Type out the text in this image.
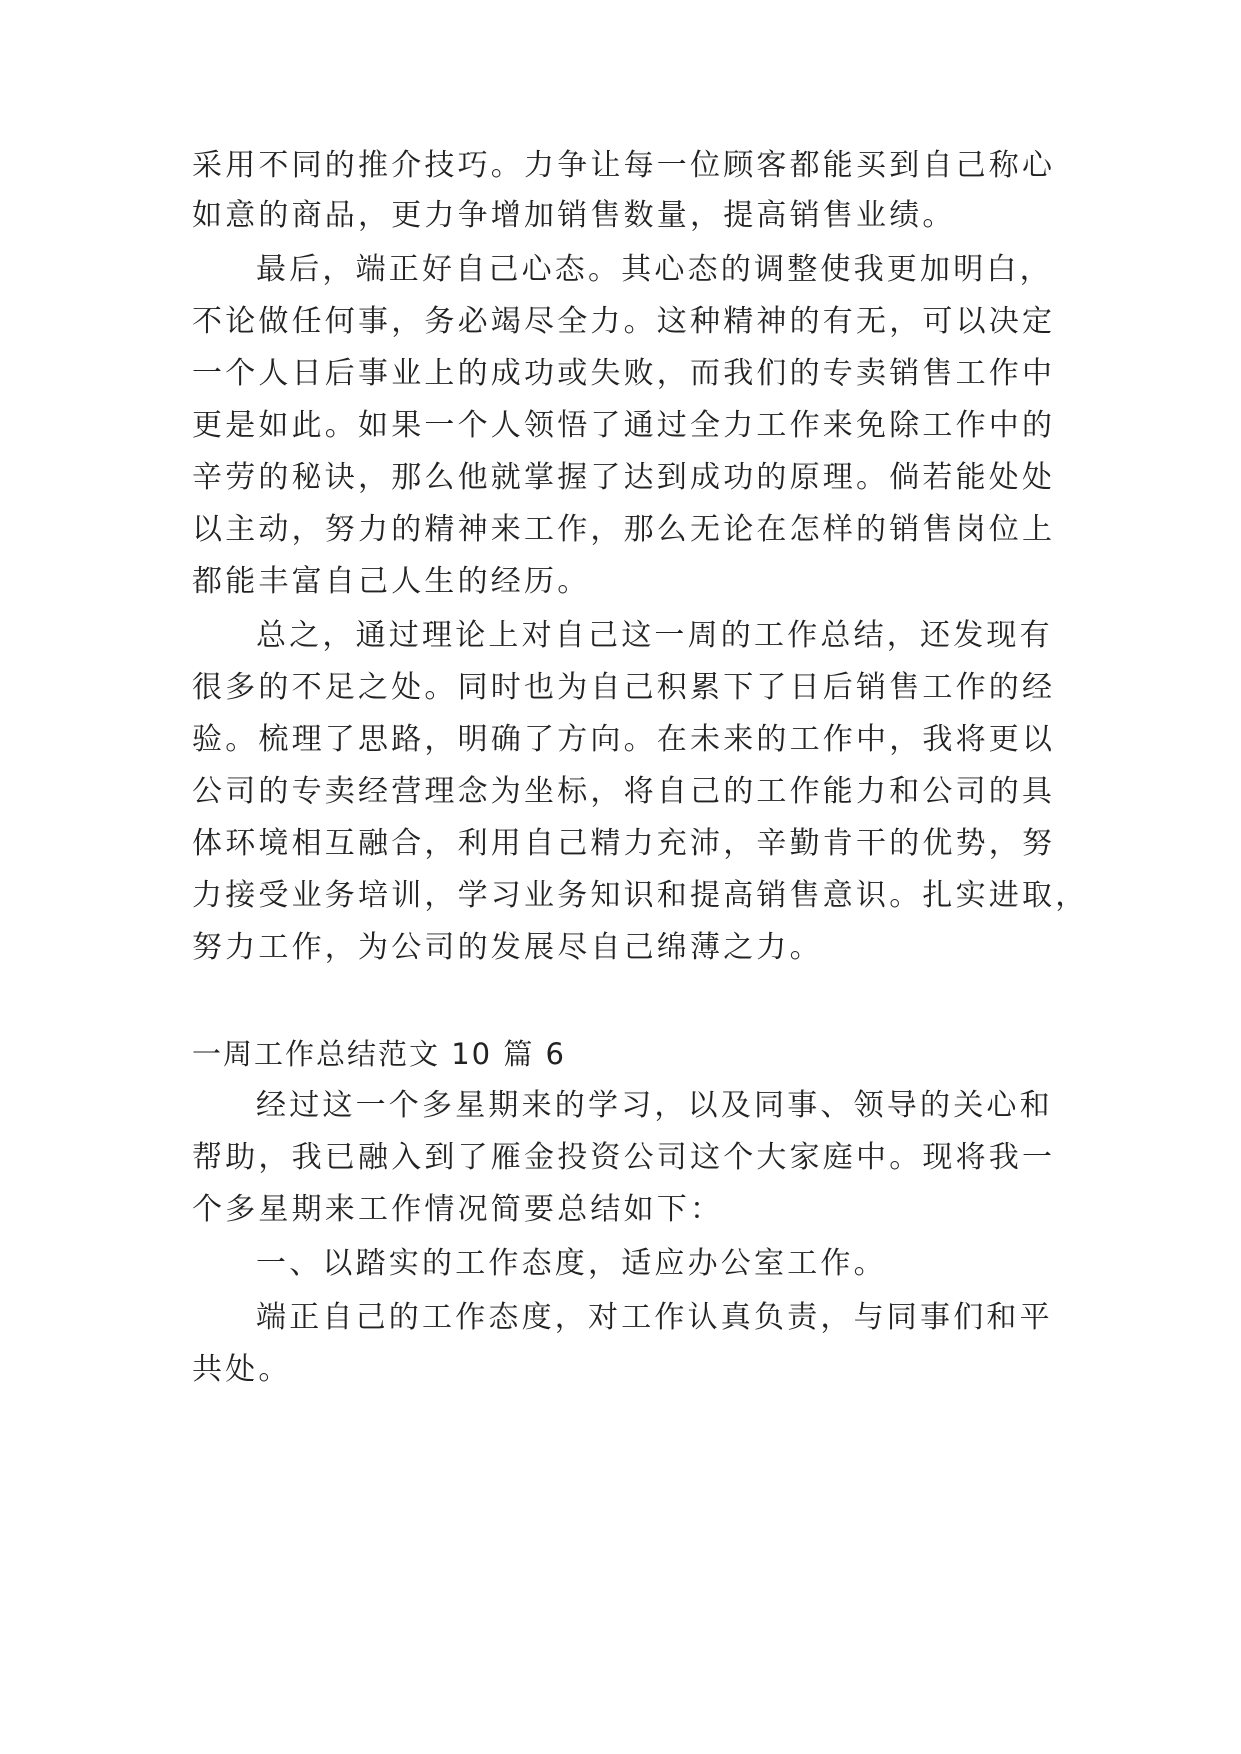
采用不同的推介技巧。力争让每一位顾客都能买到自己称心

如意的商品，更力争增加销售数量，提高销售业绩。

最后，端正好自己心态。其心态的调整使我更加明白，

不论做任何事，务必竭尽全力。这种精神的有无，可以决定

一个人日后事业上的成功或失败，而我们的专卖销售工作中

更是如此。如果一个人领悟了通过全力工作来免除工作中的

辛劳的秘诀，那么他就掌握了达到成功的原理。倘若能处处

以主动，努力的精神来工作，那么无论在怎样的销售岗位上

都能丰富自己人生的经历。

总之，通过理论上对自己这一周的工作总结，还发现有

很多的不足之处。同时也为自己积累下了日后销售工作的经

验。梳理了思路，明确了方向。在未来的工作中，我将更以

公司的专卖经营理念为坐标，将自己的工作能力和公司的具

体环境相互融合，利用自己精力充沛，辛勤肯干的优势，努

力接受业务培训，学习业务知识和提高销售意识。扎实进取，

努力工作，为公司的发展尽自己绵薄之力。

一周工作总结范文 10 篇 6

经过这一个多星期来的学习，以及同事、领导的关心和

帮助，我已融入到了雁金投资公司这个大家庭中。现将我一

个多星期来工作情况简要总结如下：

一、以踏实的工作态度，适应办公室工作。

端正自己的工作态度，对工作认真负责，与同事们和平

共处。
